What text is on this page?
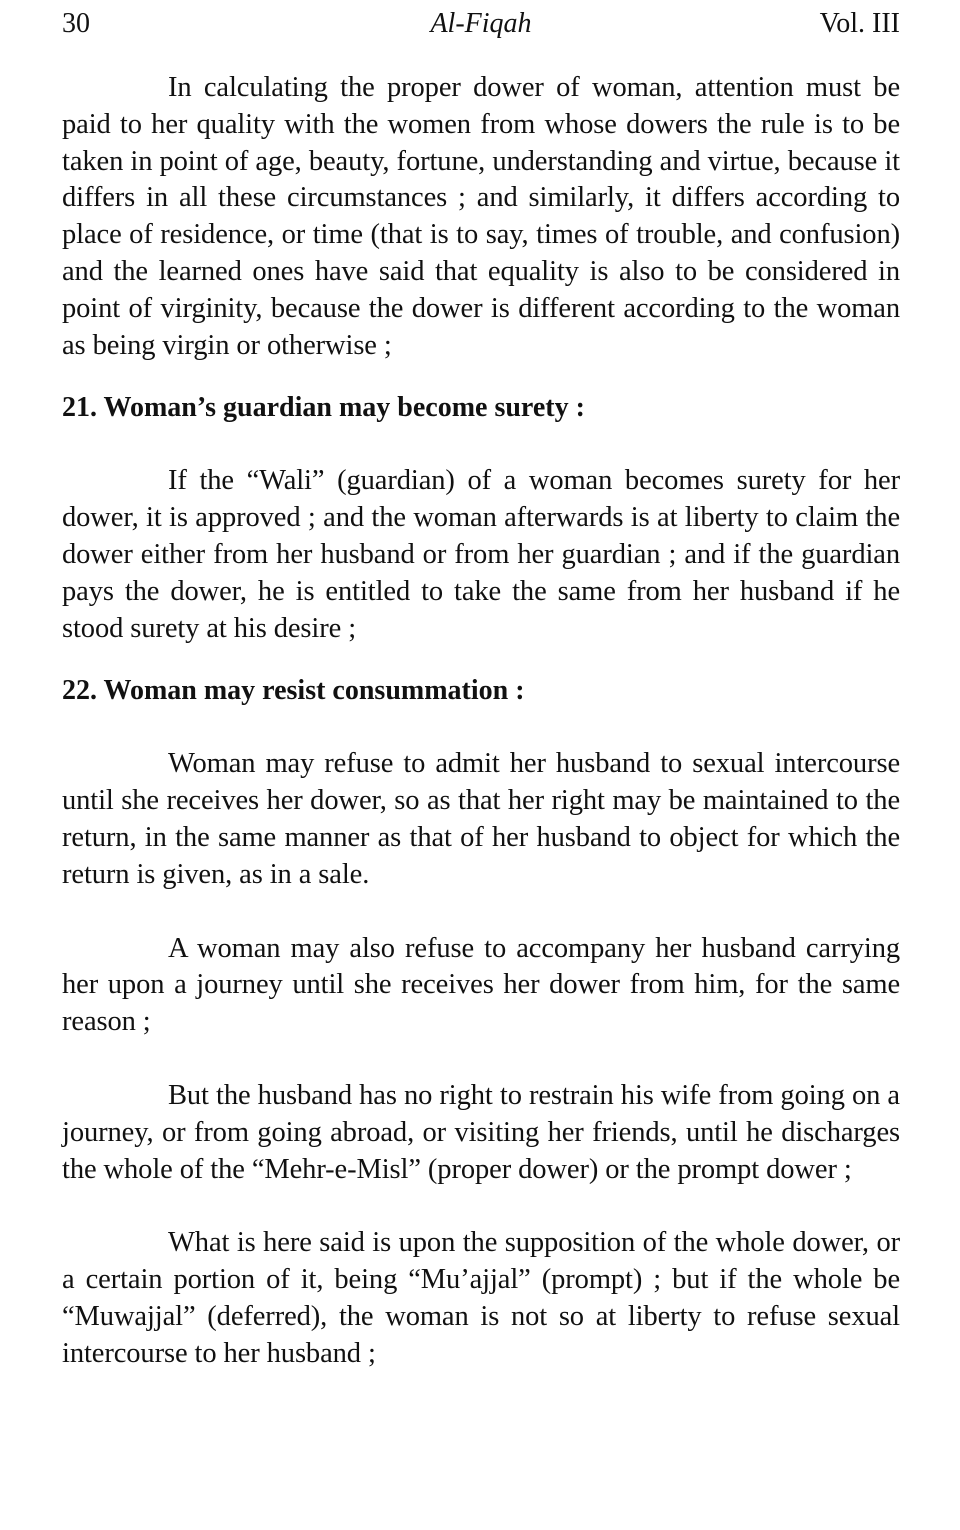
30	Al-Fiqah	Vol. III

In calculating the proper dower of woman, attention must be paid to her quality with the women from whose dowers the rule is to be taken in point of age, beauty, fortune, understanding and virtue, because it differs in all these circumstances ; and similarly, it differs according to place of residence, or time (that is to say, times of trouble, and confusion) and the learned ones have said that equality is also to be considered in point of virginity, because the dower is different according to the woman as being virgin or otherwise ;

21. Woman’s guardian may become surety :

If the “Wali” (guardian) of a woman becomes surety for her dower, it is approved ; and the woman afterwards is at liberty to claim the dower either from her husband or from her guardian ; and if the guardian pays the dower, he is entitled to take the same from her husband if he stood surety at his desire ;

22. Woman may resist consummation :

Woman may refuse to admit her husband to sexual intercourse until she receives her dower, so as that her right may be maintained to the return, in the same manner as that of her husband to object for which the return is given, as in a sale.

A woman may also refuse to accompany her husband carrying her upon a journey until she receives her dower from him, for the same reason ;

But the husband has no right to restrain his wife from going on a journey, or from going abroad, or visiting her friends, until he discharges the whole of the “Mehr-e-Misl” (proper dower) or the prompt dower ;

What is here said is upon the supposition of the whole dower, or a certain portion of it, being “Mu’ajjal” (prompt) ; but if the whole be “Muwajjal” (deferred), the woman is not so at liberty to refuse sexual intercourse to her husband ;
